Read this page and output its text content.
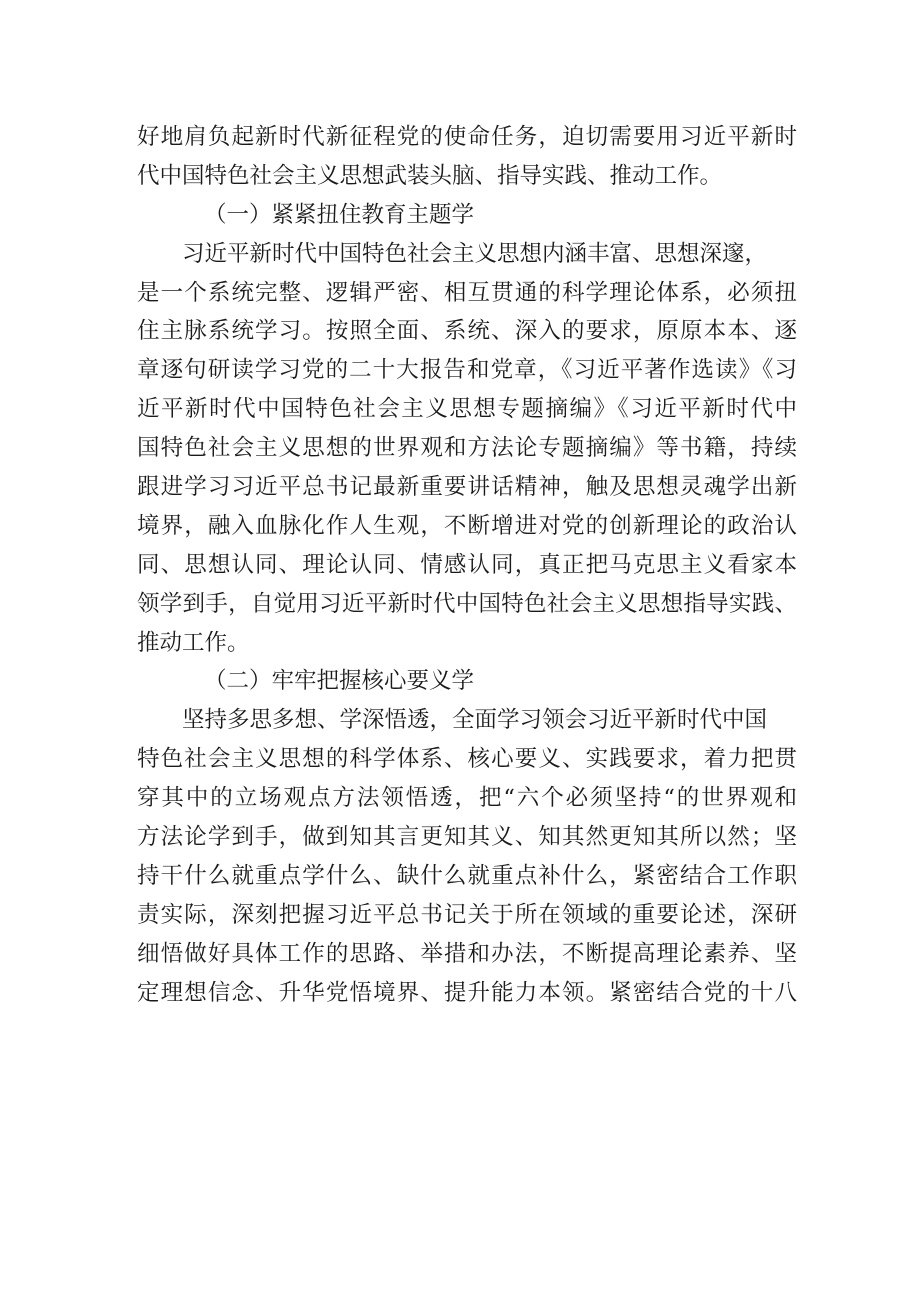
好地肩负起新时代新征程党的使命任务，迫切需要用习近平新时
代中国特色社会主义思想武装头脑、指导实践、推动工作。
（一）紧紧扭住教育主题学
习近平新时代中国特色社会主义思想内涵丰富、思想深邃，
是一个系统完整、逻辑严密、相互贯通的科学理论体系，必须扭
住主脉系统学习。按照全面、系统、深入的要求，原原本本、逐
章逐句研读学习党的二十大报告和党章，《习近平著作选读》《习
近平新时代中国特色社会主义思想专题摘编》《习近平新时代中
国特色社会主义思想的世界观和方法论专题摘编》等书籍，持续
跟进学习习近平总书记最新重要讲话精神，触及思想灵魂学出新
境界，融入血脉化作人生观，不断增进对党的创新理论的政治认
同、思想认同、理论认同、情感认同，真正把马克思主义看家本
领学到手，自觉用习近平新时代中国特色社会主义思想指导实践、
推动工作。
（二）牢牢把握核心要义学
坚持多思多想、学深悟透，全面学习领会习近平新时代中国
特色社会主义思想的科学体系、核心要义、实践要求，着力把贯
穿其中的立场观点方法领悟透，把“六个必须坚持“的世界观和
方法论学到手，做到知其言更知其义、知其然更知其所以然；坚
持干什么就重点学什么、缺什么就重点补什么，紧密结合工作职
责实际，深刻把握习近平总书记关于所在领域的重要论述，深研
细悟做好具体工作的思路、举措和办法，不断提高理论素养、坚
定理想信念、升华党悟境界、提升能力本领。紧密结合党的十八
